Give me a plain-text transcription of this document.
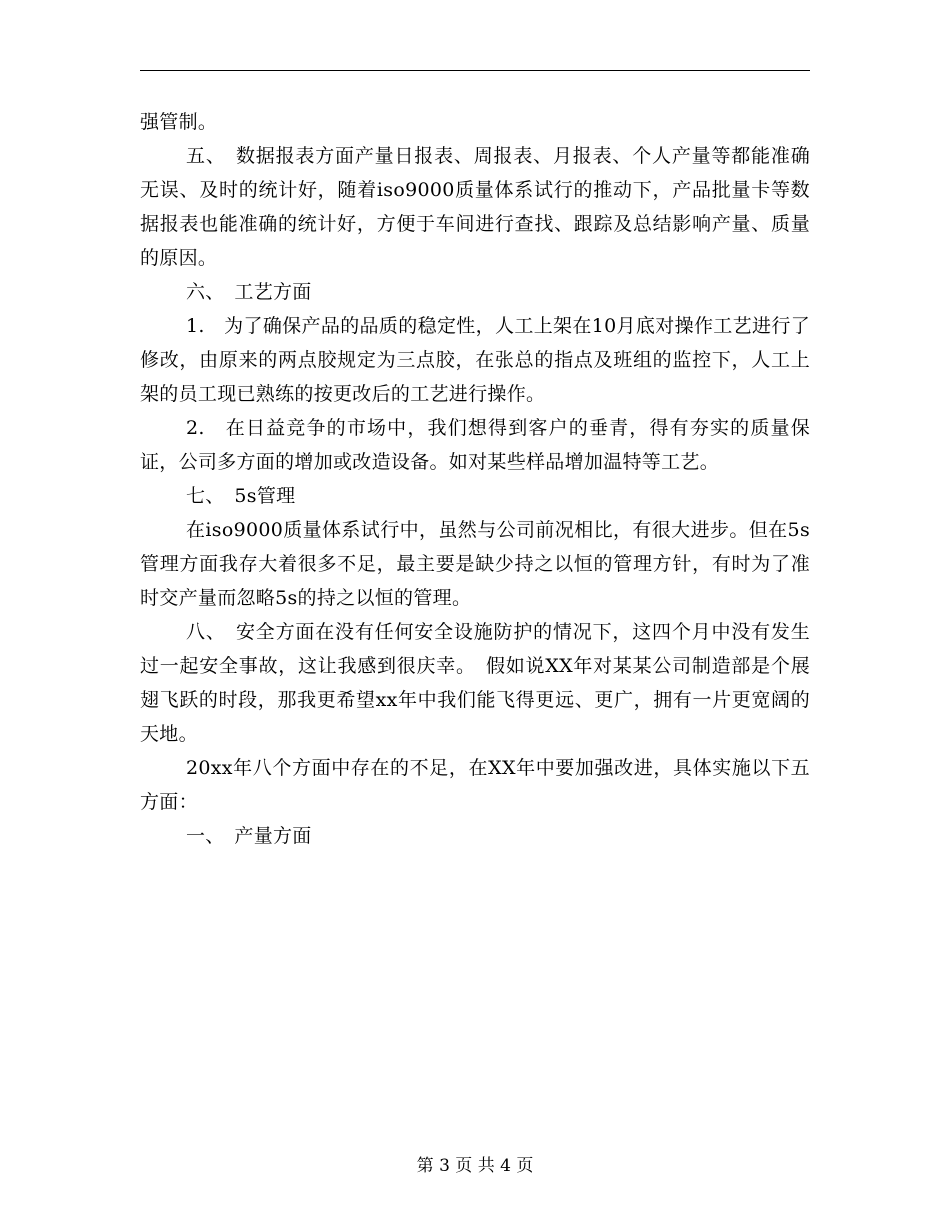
强管制。

五、　数据报表方面产量日报表、周报表、月报表、个人产量等都能准确无误、及时的统计好，随着iso9000质量体系试行的推动下，产品批量卡等数据报表也能准确的统计好，方便于车间进行查找、跟踪及总结影响产量、质量的原因。

六、　工艺方面

1.　为了确保产品的品质的稳定性，人工上架在10月底对操作工艺进行了修改，由原来的两点胶规定为三点胶，在张总的指点及班组的监控下，人工上架的员工现已熟练的按更改后的工艺进行操作。

2.　在日益竞争的市场中，我们想得到客户的垂青，得有夯实的质量保证，公司多方面的增加或改造设备。如对某些样品增加温特等工艺。

七、　5s管理

在iso9000质量体系试行中，虽然与公司前况相比，有很大进步。但在5s管理方面我存大着很多不足，最主要是缺少持之以恒的管理方针，有时为了准时交产量而忽略5s的持之以恒的管理。

八、　安全方面在没有任何安全设施防护的情况下，这四个月中没有发生过一起安全事故，这让我感到很庆幸。　假如说XX年对某某公司制造部是个展翅飞跃的时段，那我更希望xx年中我们能飞得更远、更广，拥有一片更宽阔的天地。

20xx年八个方面中存在的不足，在XX年中要加强改进，具体实施以下五方面：

一、　产量方面

第 3 页 共 4 页
